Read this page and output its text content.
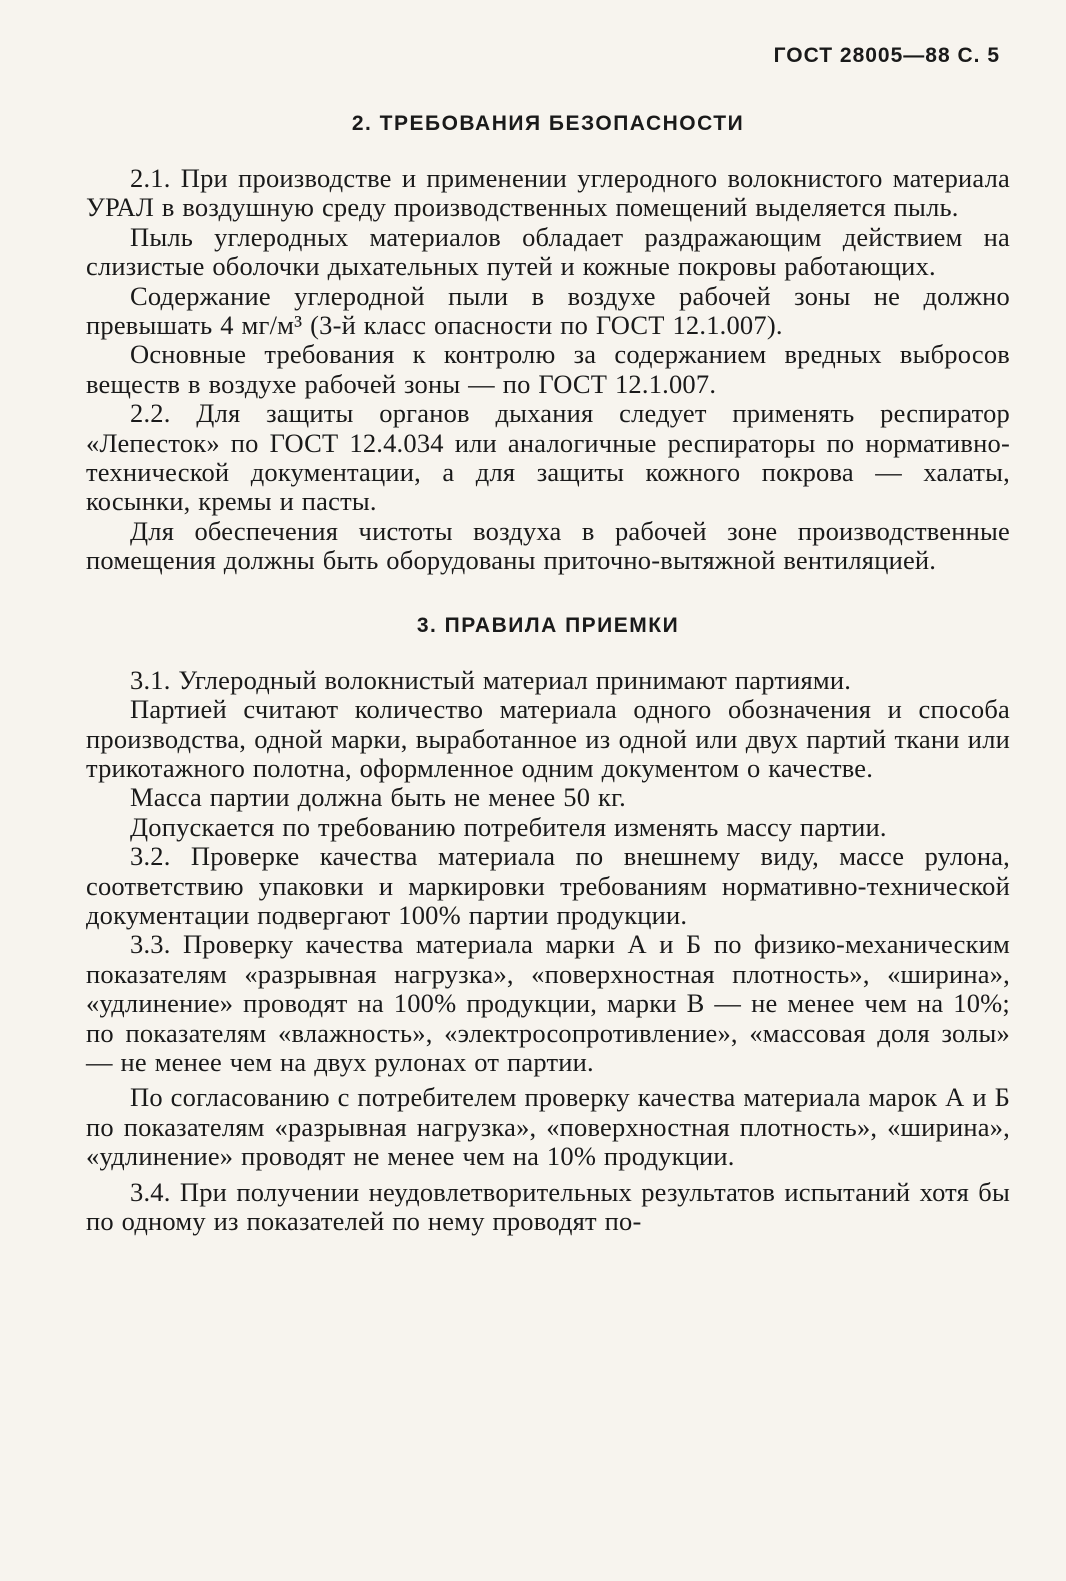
ГОСТ 28005—88 С. 5
2. ТРЕБОВАНИЯ БЕЗОПАСНОСТИ

2.1. При производстве и применении углеродного волокнистого материала УРАЛ в воздушную среду производственных помещений выделяется пыль.

Пыль углеродных материалов обладает раздражающим действием на слизистые оболочки дыхательных путей и кожные покровы работающих.

Содержание углеродной пыли в воздухе рабочей зоны не должно превышать 4 мг/м³ (3-й класс опасности по ГОСТ 12.1.007).

Основные требования к контролю за содержанием вредных выбросов веществ в воздухе рабочей зоны — по ГОСТ 12.1.007.

2.2. Для защиты органов дыхания следует применять респиратор «Лепесток» по ГОСТ 12.4.034 или аналогичные респираторы по нормативно-технической документации, а для защиты кожного покрова — халаты, косынки, кремы и пасты.

Для обеспечения чистоты воздуха в рабочей зоне производственные помещения должны быть оборудованы приточно-вытяжной вентиляцией.

3. ПРАВИЛА ПРИЕМКИ

3.1. Углеродный волокнистый материал принимают партиями.

Партией считают количество материала одного обозначения и способа производства, одной марки, выработанное из одной или двух партий ткани или трикотажного полотна, оформленное одним документом о качестве.

Масса партии должна быть не менее 50 кг.

Допускается по требованию потребителя изменять массу партии.

3.2. Проверке качества материала по внешнему виду, массе рулона, соответствию упаковки и маркировки требованиям нормативно-технической документации подвергают 100% партии продукции.

3.3. Проверку качества материала марки А и Б по физико-механическим показателям «разрывная нагрузка», «поверхностная плотность», «ширина», «удлинение» проводят на 100% продукции, марки В — не менее чем на 10%; по показателям «влажность», «электросопротивление», «массовая доля золы» — не менее чем на двух рулонах от партии.

По согласованию с потребителем проверку качества материала марок А и Б по показателям «разрывная нагрузка», «поверхностная плотность», «ширина», «удлинение» проводят не менее чем на 10% продукции.

3.4. При получении неудовлетворительных результатов испытаний хотя бы по одному из показателей по нему проводят по-
